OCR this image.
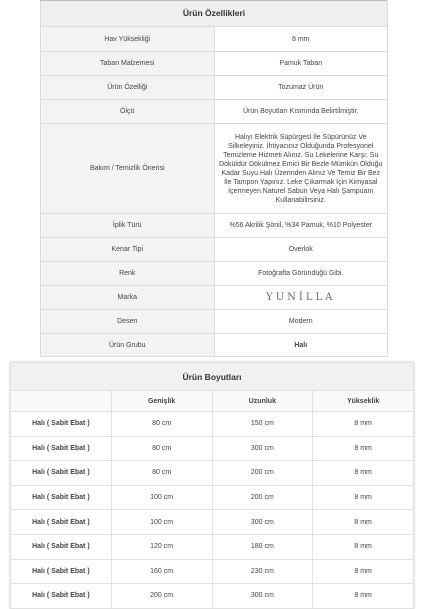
Ürün Özellikleri	
Hav Yüksekliği	8 mm
Taban Malzemesi	Pamuk Taban
Ürün Özelliği	Tozumaz Ürün
Ölçü	Ürün Boyutları Kısmında Belirtilmiştir.
Bakım / Temizlik Önerisi	Halıyı Elektrik Süpürgesi İle Süpürünüz Ve Silkeleyiniz. İhtiyacınız Olduğunda Profesyonel Temizleme Hizmeti Alınız. Su Lekelerine Karşı; Su Döküldür Dökülmez Emici Bir Bezle Mümkün Olduğu Kadar Suyu Halı Üzerinden Alınız Ve Temiz Bir Bez İle Tampon Yapınız. Leke Çıkarmak İçin Kimyasal İçermeyen Naturel Sabun Veya Halı Şampuanı Kullanabilirsiniz.
İplik Türü	%56 Akrilik Şönil, %34 Pamuk, %10 Polyester
Kenar Tipi	Overlok
Renk	Fotoğrafta Göründüğü Gibi.
Marka	YUNİLLA
Desen	Modern
Ürün Grubu	Halı
Ürün Boyutları			
	Genişlik	Uzunluk	Yükseklik
Halı ( Sabit Ebat )	80 cm	150 cm	8 mm
Halı ( Sabit Ebat )	80 cm	300 cm	8 mm
Halı ( Sabit Ebat )	80 cm	200 cm	8 mm
Halı ( Sabit Ebat )	100 cm	200 cm	8 mm
Halı ( Sabit Ebat )	100 cm	300 cm	8 mm
Halı ( Sabit Ebat )	120 cm	180 cm	8 mm
Halı ( Sabit Ebat )	160 cm	230 cm	8 mm
Halı ( Sabit Ebat )	200 cm	300 cm	8 mm
